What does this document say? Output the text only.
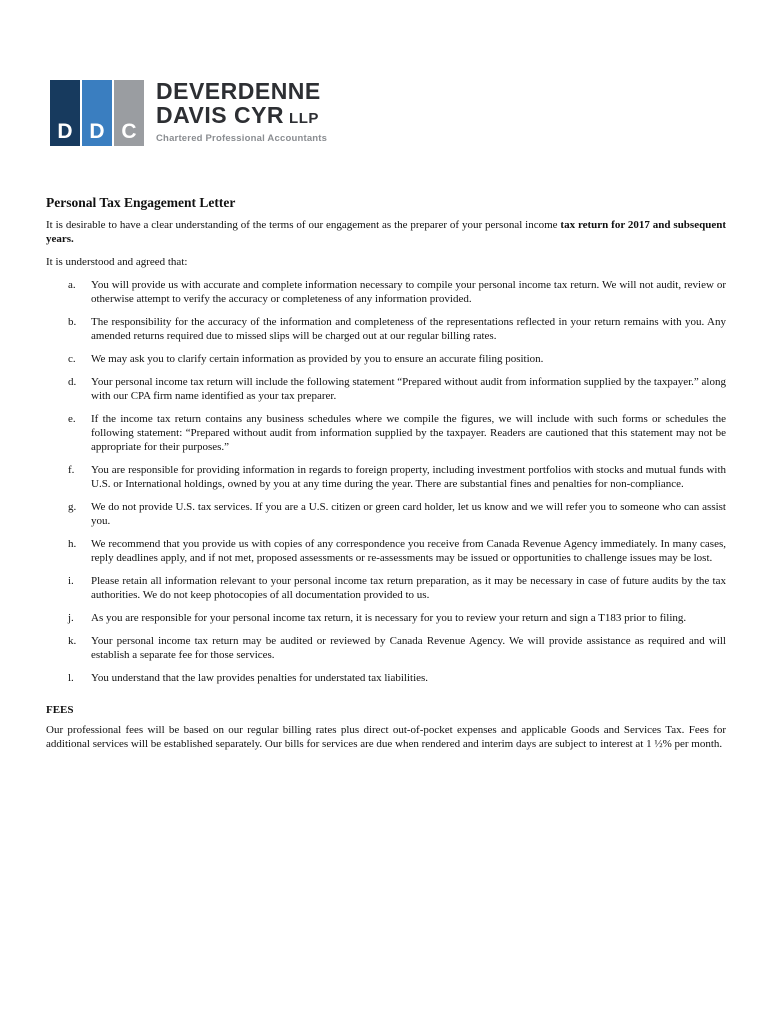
D D C
DEVERDENNE
DAVIS CYR LLP
Chartered Professional Accountants
Personal Tax Engagement Letter

It is desirable to have a clear understanding of the terms of our engagement as the preparer of your personal income tax return for 2017 and subsequent years.

It is understood and agreed that:

a. You will provide us with accurate and complete information necessary to compile your personal income tax return. We will not audit, review or otherwise attempt to verify the accuracy or completeness of any information provided.
b. The responsibility for the accuracy of the information and completeness of the representations reflected in your return remains with you. Any amended returns required due to missed slips will be charged out at our regular billing rates.
c. We may ask you to clarify certain information as provided by you to ensure an accurate filing position.
d. Your personal income tax return will include the following statement “Prepared without audit from information supplied by the taxpayer.” along with our CPA firm name identified as your tax preparer.
e. If the income tax return contains any business schedules where we compile the figures, we will include with such forms or schedules the following statement: “Prepared without audit from information supplied by the taxpayer. Readers are cautioned that this statement may not be appropriate for their purposes.”
f. You are responsible for providing information in regards to foreign property, including investment portfolios with stocks and mutual funds with U.S. or International holdings, owned by you at any time during the year. There are substantial fines and penalties for non-compliance.
g. We do not provide U.S. tax services. If you are a U.S. citizen or green card holder, let us know and we will refer you to someone who can assist you.
h. We recommend that you provide us with copies of any correspondence you receive from Canada Revenue Agency immediately. In many cases, reply deadlines apply, and if not met, proposed assessments or re-assessments may be issued or opportunities to challenge issues may be lost.
i. Please retain all information relevant to your personal income tax return preparation, as it may be necessary in case of future audits by the tax authorities. We do not keep photocopies of all documentation provided to us.
j. As you are responsible for your personal income tax return, it is necessary for you to review your return and sign a T183 prior to filing.
k. Your personal income tax return may be audited or reviewed by Canada Revenue Agency. We will provide assistance as required and will establish a separate fee for those services.
l. You understand that the law provides penalties for understated tax liabilities.
FEES

Our professional fees will be based on our regular billing rates plus direct out-of-pocket expenses and applicable Goods and Services Tax. Fees for additional services will be established separately. Our bills for services are due when rendered and interim days are subject to interest at 1 ½% per month.
